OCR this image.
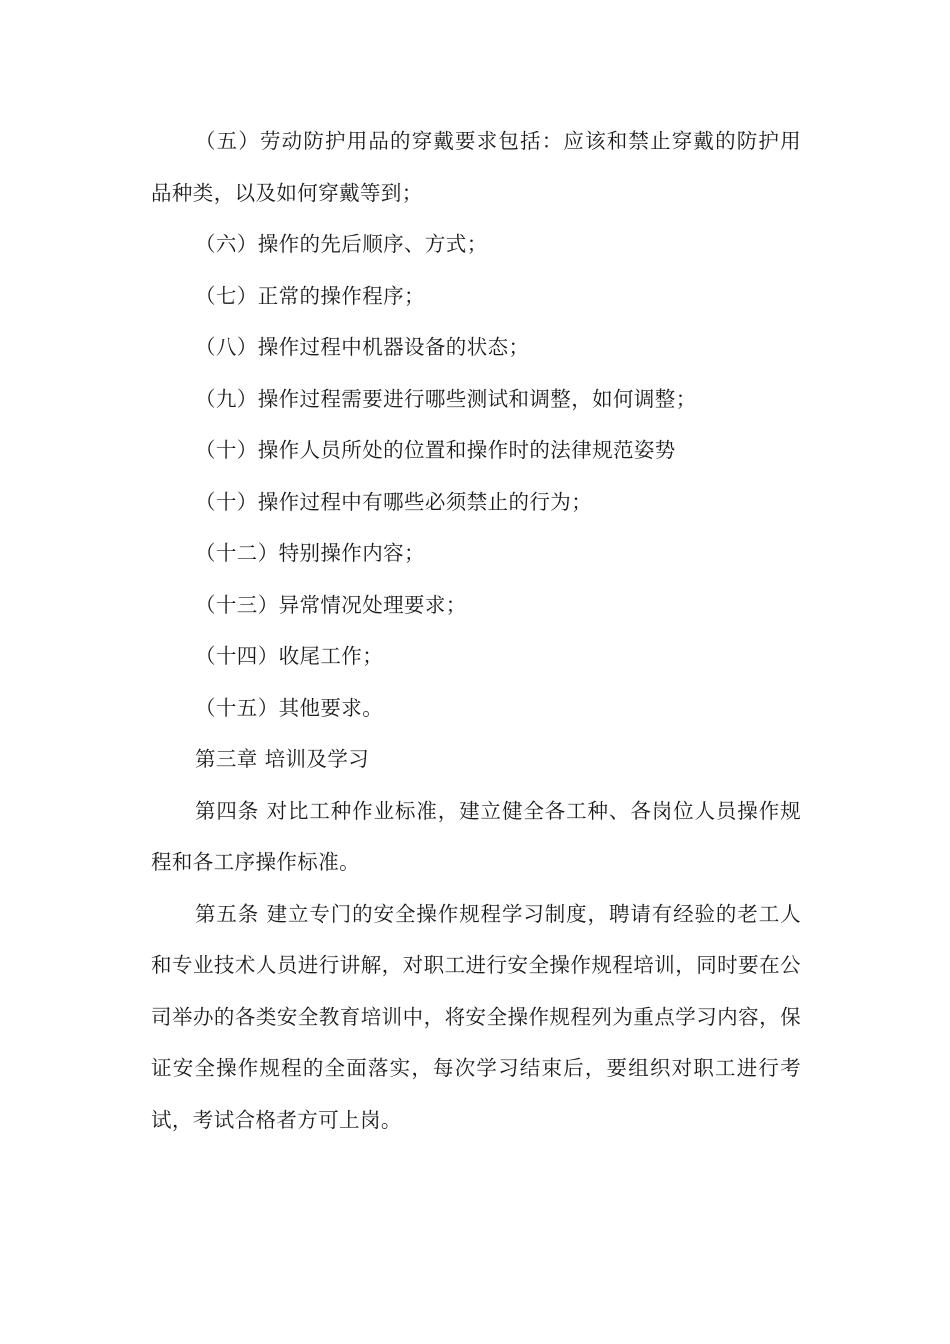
（五）劳动防护用品的穿戴要求包括：应该和禁止穿戴的防护用品种类，以及如何穿戴等到；

（六）操作的先后顺序、方式；

（七）正常的操作程序；

（八）操作过程中机器设备的状态；

（九）操作过程需要进行哪些测试和调整，如何调整；

（十）操作人员所处的位置和操作时的法律规范姿势

（十）操作过程中有哪些必须禁止的行为；

（十二）特别操作内容；

（十三）异常情况处理要求；

（十四）收尾工作；

（十五）其他要求。

第三章 培训及学习

第四条 对比工种作业标准，建立健全各工种、各岗位人员操作规程和各工序操作标准。

第五条 建立专门的安全操作规程学习制度，聘请有经验的老工人和专业技术人员进行讲解，对职工进行安全操作规程培训，同时要在公司举办的各类安全教育培训中，将安全操作规程列为重点学习内容，保证安全操作规程的全面落实，每次学习结束后，要组织对职工进行考试，考试合格者方可上岗。
